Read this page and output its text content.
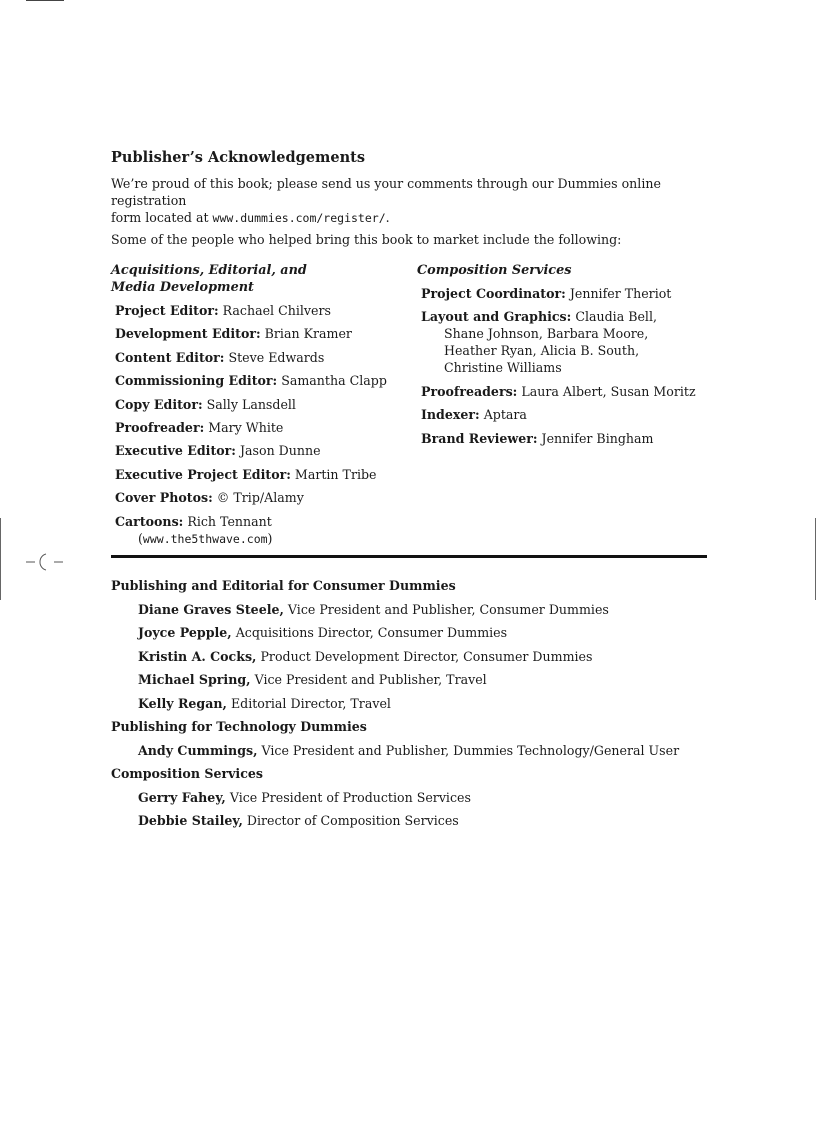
Publisher’s Acknowledgements
We’re proud of this book; please send us your comments through our Dummies online registration
form located at www.dummies.com/register/.
Some of the people who helped bring this book to market include the following:
Acquisitions, Editorial, and
Media Development
Project Editor: Rachael Chilvers
Development Editor: Brian Kramer
Content Editor: Steve Edwards
Commissioning Editor: Samantha Clapp
Copy Editor: Sally Lansdell
Proofreader: Mary White
Executive Editor: Jason Dunne
Executive Project Editor: Martin Tribe
Cover Photos: © Trip/Alamy
Cartoons: Rich Tennant
(www.the5thwave.com)
Composition Services
Project Coordinator: Jennifer Theriot
Layout and Graphics: Claudia Bell,
Shane Johnson, Barbara Moore,
Heather Ryan, Alicia B. South,
Christine Williams
Proofreaders: Laura Albert, Susan Moritz
Indexer: Aptara
Brand Reviewer: Jennifer Bingham
Publishing and Editorial for Consumer Dummies
Diane Graves Steele, Vice President and Publisher, Consumer Dummies
Joyce Pepple, Acquisitions Director, Consumer Dummies
Kristin A. Cocks, Product Development Director, Consumer Dummies
Michael Spring, Vice President and Publisher, Travel
Kelly Regan, Editorial Director, Travel
Publishing for Technology Dummies
Andy Cummings, Vice President and Publisher, Dummies Technology/General User
Composition Services
Gerry Fahey, Vice President of Production Services
Debbie Stailey, Director of Composition Services
